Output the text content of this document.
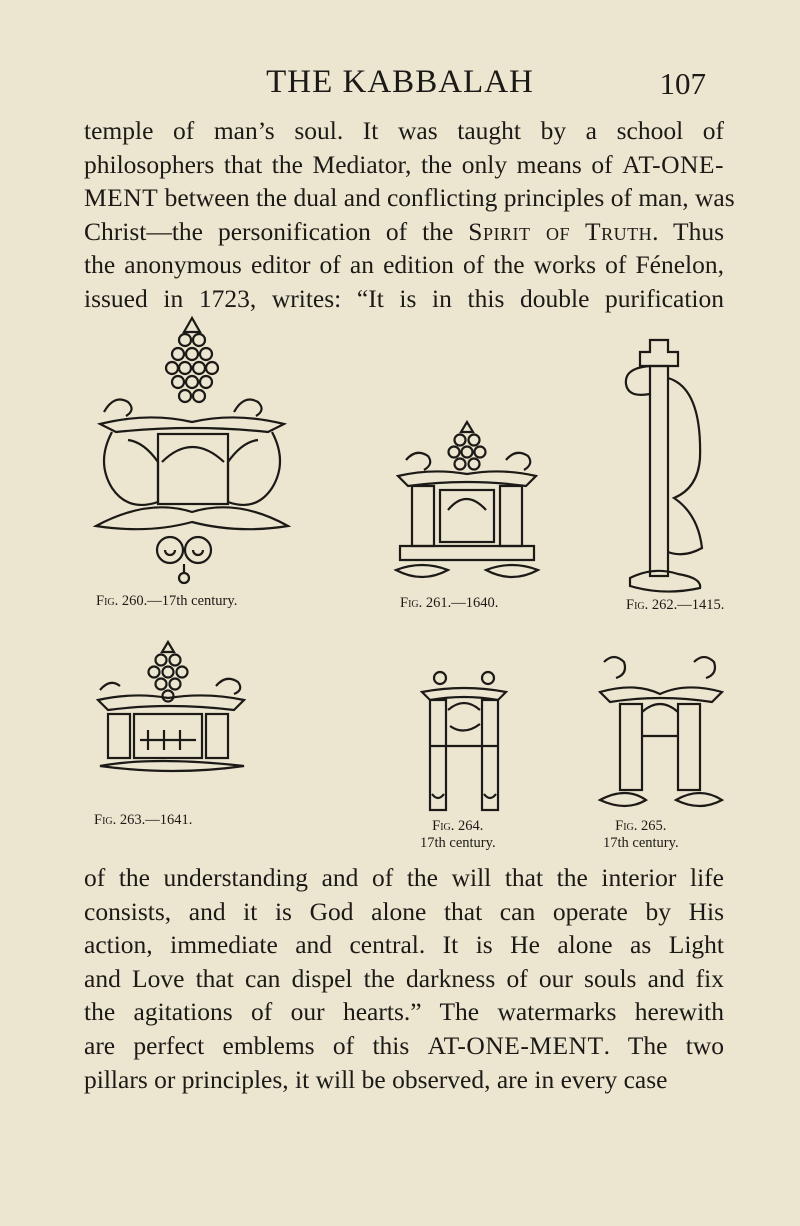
THE KABBALAH	107
temple of man’s soul. It was taught by a school of
philosophers that the Mediator, the only means of AT-ONE-
MENT between the dual and conflicting principles of man, was
Christ—the personification of the Spirit of Truth. Thus
the anonymous editor of an edition of the works of Fénelon,
issued in 1723, writes: “It is in this double purification
Fig. 260.—17th century.	Fig. 261.—1640.	Fig. 262.—1415.
Fig. 263.—1641.	Fig. 264.
17th century.
Fig. 265.
17th century.
of the understanding and of the will that the interior life
consists, and it is God alone that can operate by His
action, immediate and central. It is He alone as Light
and Love that can dispel the darkness of our souls and fix
the agitations of our hearts.” The watermarks herewith
are perfect emblems of this AT-ONE-MENT. The two
pillars or principles, it will be observed, are in every case
